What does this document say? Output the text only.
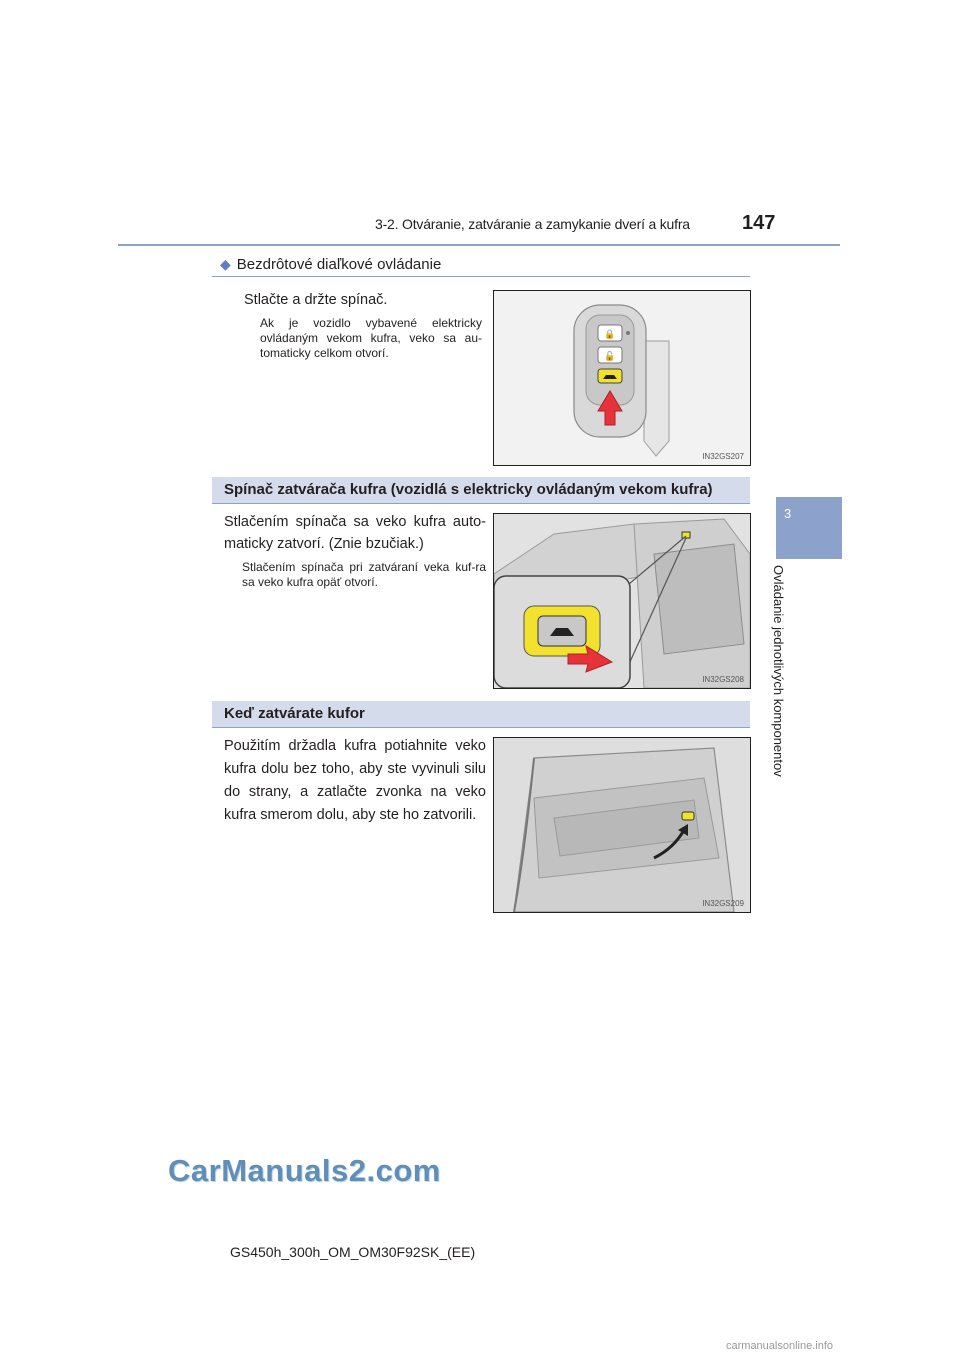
3-2. Otváranie, zatváranie a zamykanie dverí a kufra	147
3
Ovládanie jednotlivých komponentov
◆ Bezdrôtové diaľkové ovládanie
Stlačte a držte spínač.
Ak je vozidlo vybavené elektricky ovládaným vekom kufra, veko sa au-tomaticky celkom otvorí.
🔒
🔓
IN32GS207
Spínač zatvárača kufra (vozidlá s elektricky ovládaným vekom kufra)
Stlačením spínača sa veko kufra auto-maticky zatvorí. (Znie bzučiak.)
Stlačením spínača pri zatváraní veka kuf-ra sa veko kufra opäť otvorí.
IN32GS208
Keď zatvárate kufor
Použitím držadla kufra potiahnite veko kufra dolu bez toho, aby ste vyvinuli silu do strany, a zatlačte zvonka na veko kufra smerom dolu, aby ste ho zatvorili.
IN32GS209
CarManuals2.com
GS450h_300h_OM_OM30F92SK_(EE)
carmanualsonline.info
